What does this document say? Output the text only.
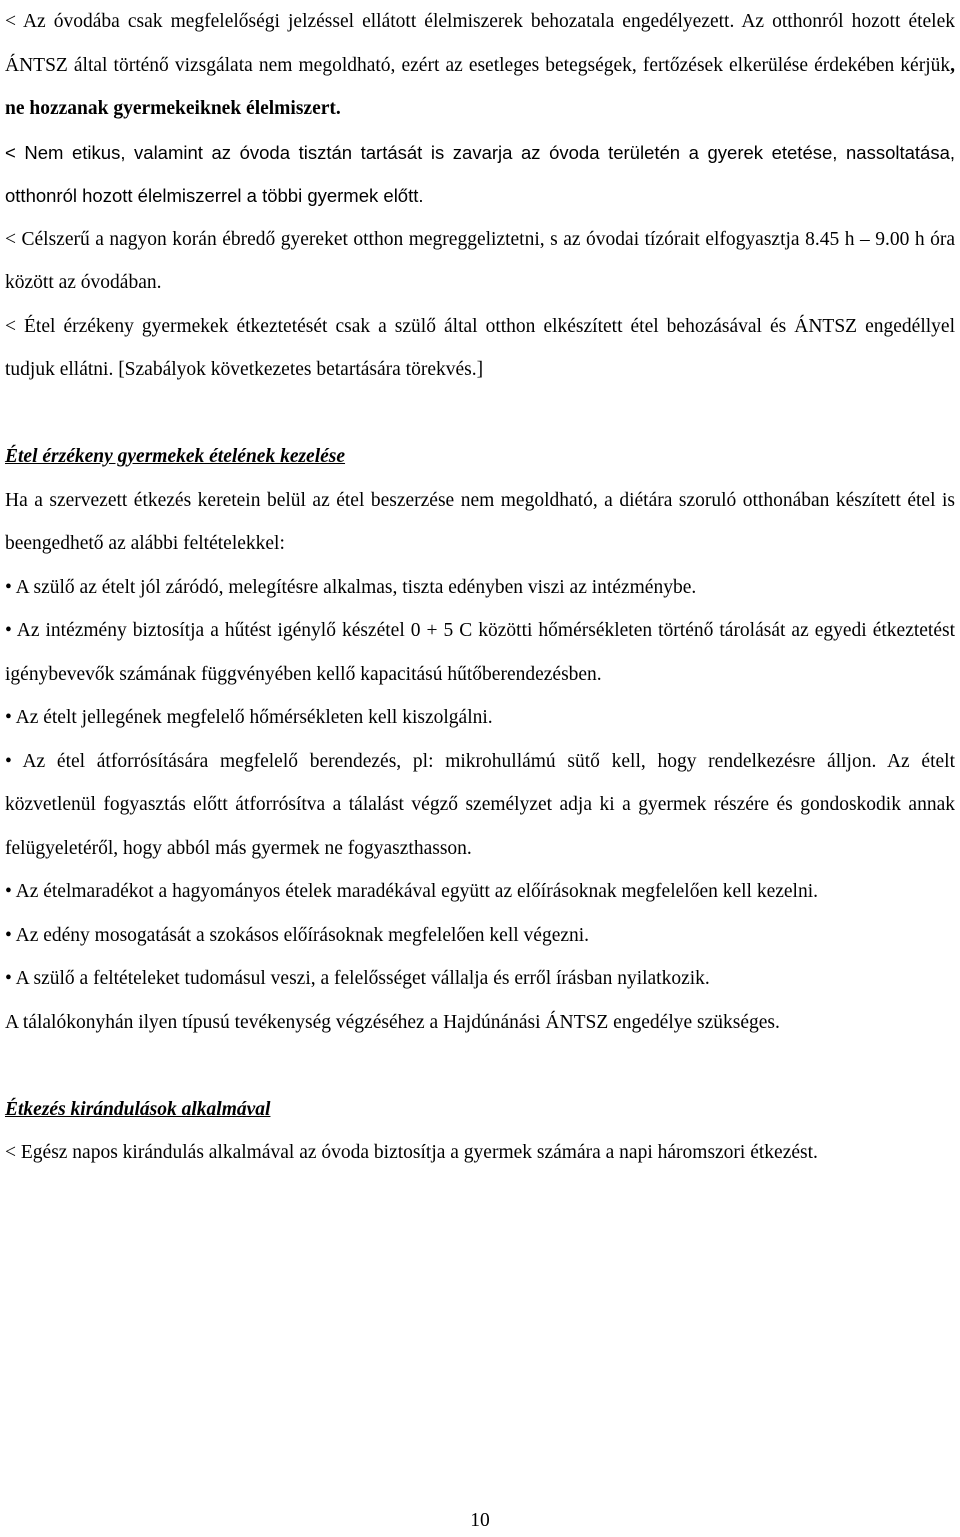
< Az óvodába csak megfelelőségi jelzéssel ellátott élelmiszerek behozatala engedélyezett. Az otthonról hozott ételek ÁNTSZ által történő vizsgálata nem megoldható, ezért az esetleges betegségek, fertőzések elkerülése érdekében kérjük, ne hozzanak gyermekeiknek élelmiszert.

< Nem etikus, valamint az óvoda tisztán tartását is zavarja az óvoda területén a gyerek etetése, nassoltatása, otthonról hozott élelmiszerrel a többi gyermek előtt.

< Célszerű a nagyon korán ébredő gyereket otthon megreggeliztetni, s az óvodai tízórait elfogyasztja 8.45 h – 9.00 h óra között az óvodában.

< Étel érzékeny gyermekek étkeztetését csak a szülő által otthon elkészített étel behozásával és ÁNTSZ engedéllyel tudjuk ellátni. [Szabályok következetes betartására törekvés.]

Étel érzékeny gyermekek ételének kezelése

Ha a szervezett étkezés keretein belül az étel beszerzése nem megoldható, a diétára szoruló otthonában készített étel is beengedhető az alábbi feltételekkel:

• A szülő az ételt jól záródó, melegítésre alkalmas, tiszta edényben viszi az intézménybe.

• Az intézmény biztosítja a hűtést igénylő készétel 0 + 5 C közötti hőmérsékleten történő tárolását az egyedi étkeztetést igénybevevők számának függvényében kellő kapacitású hűtőberendezésben.

• Az ételt jellegének megfelelő hőmérsékleten kell kiszolgálni.

• Az étel átforrósítására megfelelő berendezés, pl: mikrohullámú sütő kell, hogy rendelkezésre álljon. Az ételt közvetlenül fogyasztás előtt átforrósítva a tálalást végző személyzet adja ki a gyermek részére és gondoskodik annak felügyeletéről, hogy abból más gyermek ne fogyaszthasson.

• Az ételmaradékot a hagyományos ételek maradékával együtt az előírásoknak megfelelően kell kezelni.

• Az edény mosogatását a szokásos előírásoknak megfelelően kell végezni.

• A szülő a feltételeket tudomásul veszi, a felelősséget vállalja és erről írásban nyilatkozik.

A tálalókonyhán ilyen típusú tevékenység végzéséhez a Hajdúnánási ÁNTSZ engedélye szükséges.

Étkezés kirándulások alkalmával

< Egész napos kirándulás alkalmával az óvoda biztosítja a gyermek számára a napi háromszori étkezést.

10
